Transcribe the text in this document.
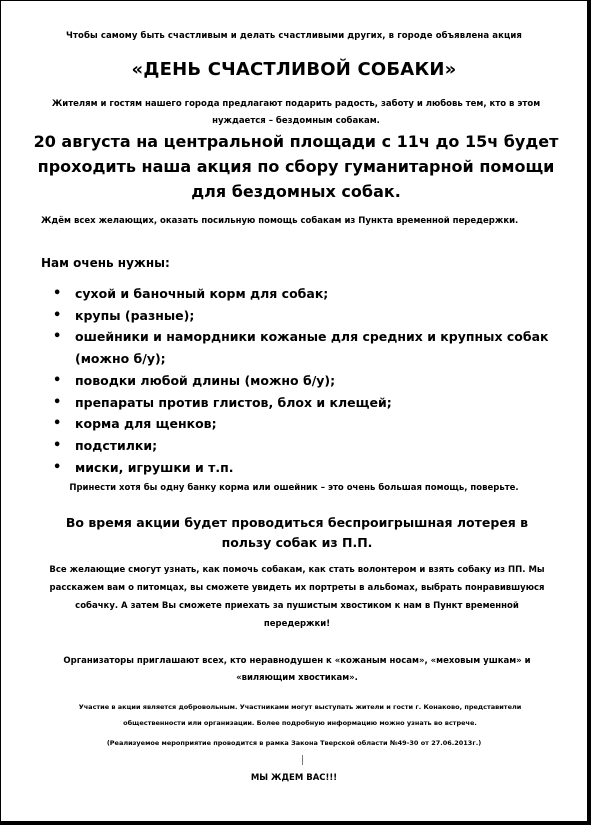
Чтобы самому быть счастливым и делать счастливыми других, в городе объявлена акция
«ДЕНЬ СЧАСТЛИВОЙ СОБАКИ»
Жителям и гостям нашего города предлагают подарить радость, заботу и любовь тем, кто в этом нуждается – бездомным собакам.
20 августа на центральной площади с 11ч до 15ч будет проходить наша акция по сбору гуманитарной помощи для бездомных собак.
Ждём всех желающих, оказать посильную помощь собакам из Пункта временной передержки.
Нам очень нужны:
• сухой и баночный корм для собак;
• крупы (разные);
• ошейники и намордники кожаные для средних и крупных собак (можно б/у);
• поводки любой длины (можно б/у);
• препараты против глистов, блох и клещей;
• корма для щенков;
• подстилки;
• миски, игрушки и т.п.
Принести хотя бы одну банку корма или ошейник – это очень большая помощь, поверьте.
Во время акции будет проводиться беспроигрышная лотерея в пользу собак из П.П.
Все желающие смогут узнать, как помочь собакам, как стать волонтером и взять собаку из ПП. Мы расскажем вам о питомцах, вы сможете увидеть их портреты в альбомах, выбрать понравившуюся собачку. А затем Вы сможете приехать за пушистым хвостиком к нам в Пункт временной передержки!
Организаторы приглашают всех, кто неравнодушен к «кожаным носам», «меховым ушкам» и «виляющим хвостикам».
Участие в акции является добровольным. Участниками могут выступать жители и гости г. Конаково, представители общественности или организации. Более подробную информацию можно узнать во встрече.
(Реализуемое мероприятие проводится в рамка Закона Тверской области №49-30 от 27.06.2013г.)
МЫ ЖДЕМ ВАС!!!
